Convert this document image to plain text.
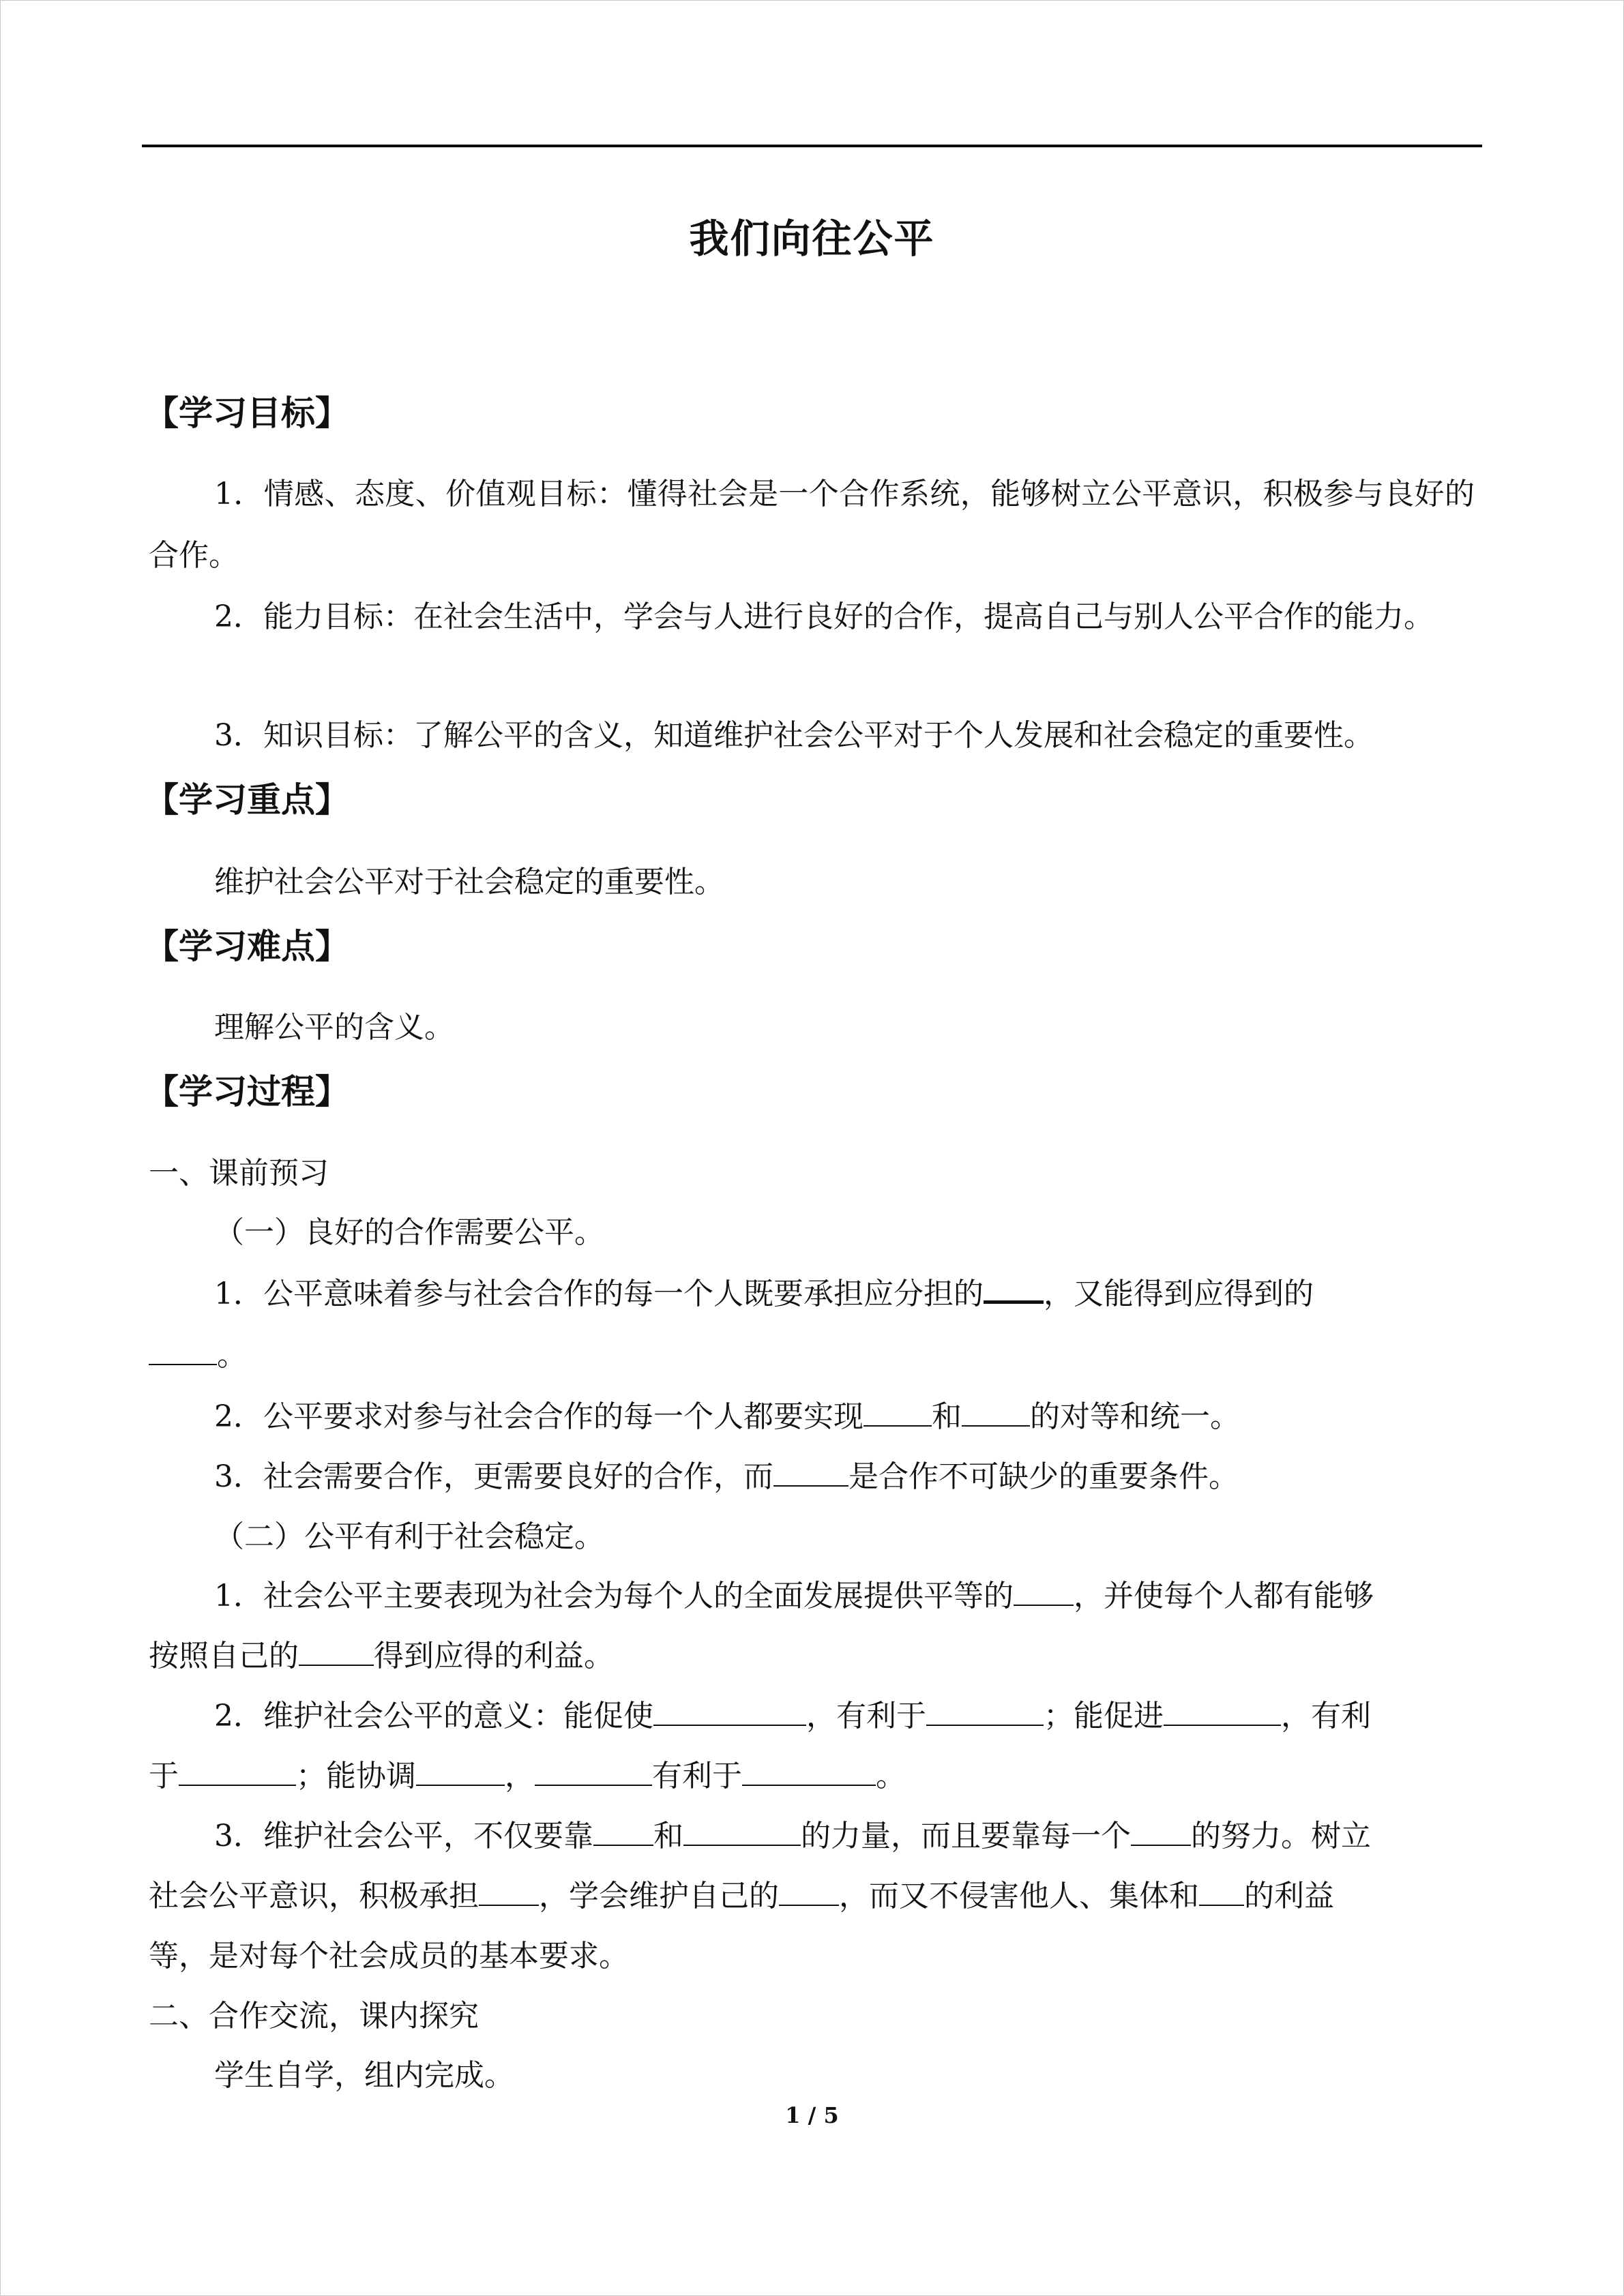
我们向往公平
【学习目标】
1．情感、态度、价值观目标：懂得社会是一个合作系统，能够树立公平意识，积极参与良好的合作。
2．能力目标：在社会生活中，学会与人进行良好的合作，提高自己与别人公平合作的能力。
3．知识目标：了解公平的含义，知道维护社会公平对于个人发展和社会稳定的重要性。
【学习重点】
维护社会公平对于社会稳定的重要性。
【学习难点】
理解公平的含义。
【学习过程】
一、课前预习
（一）良好的合作需要公平。
1．公平意味着参与社会合作的每一个人既要承担应分担的 ，又能得到应得到的
。
2．公平要求对参与社会合作的每一个人都要实现 和 的对等和统一。
3．社会需要合作，更需要良好的合作，而	是合作不可缺少的重要条件。
（二）公平有利于社会稳定。
1．社会公平主要表现为社会为每个人的全面发展提供平等的 ，并使每个人都有能够
按照自己的	得到应得的利益。
2．维护社会公平的意义：能促使	，有利于	；能促进	，有利
于	；能协调	，	有利于	。
3．维护社会公平，不仅要靠 和	的力量，而且要靠每一个 的努力。树立
社会公平意识，积极承担 ，学会维护自己的 ，而又不侵害他人、集体和 的利益
等，是对每个社会成员的基本要求。
二、合作交流，课内探究
学生自学，组内完成。
1 / 5
